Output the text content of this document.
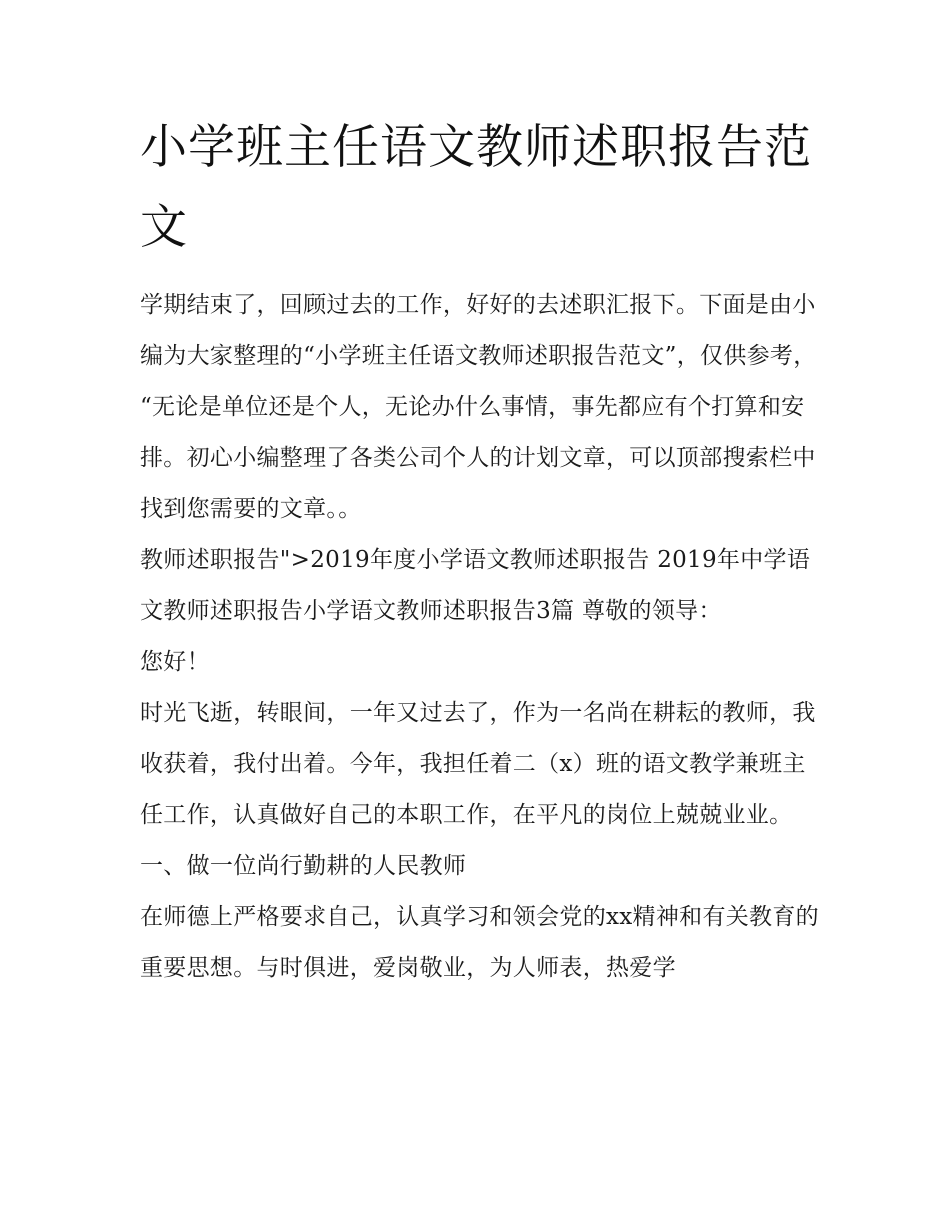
小学班主任语文教师述职报告范文

学期结束了，回顾过去的工作，好好的去述职汇报下。下面是由小编为大家整理的“小学班主任语文教师述职报告范文”，仅供参考，

“无论是单位还是个人，无论办什么事情，事先都应有个打算和安排。初心小编整理了各类公司个人的计划文章，可以顶部搜索栏中找到您需要的文章。。

教师述职报告">2019年度小学语文教师述职报告 2019年中学语文教师述职报告小学语文教师述职报告3篇 尊敬的领导：

您好！

时光飞逝，转眼间，一年又过去了，作为一名尚在耕耘的教师，我收获着，我付出着。今年，我担任着二（x）班的语文教学兼班主任工作，认真做好自己的本职工作，在平凡的岗位上兢兢业业。

一、做一位尚行勤耕的人民教师

在师德上严格要求自己，认真学习和领会党的xx精神和有关教育的重要思想。与时俱进，爱岗敬业，为人师表，热爱学
